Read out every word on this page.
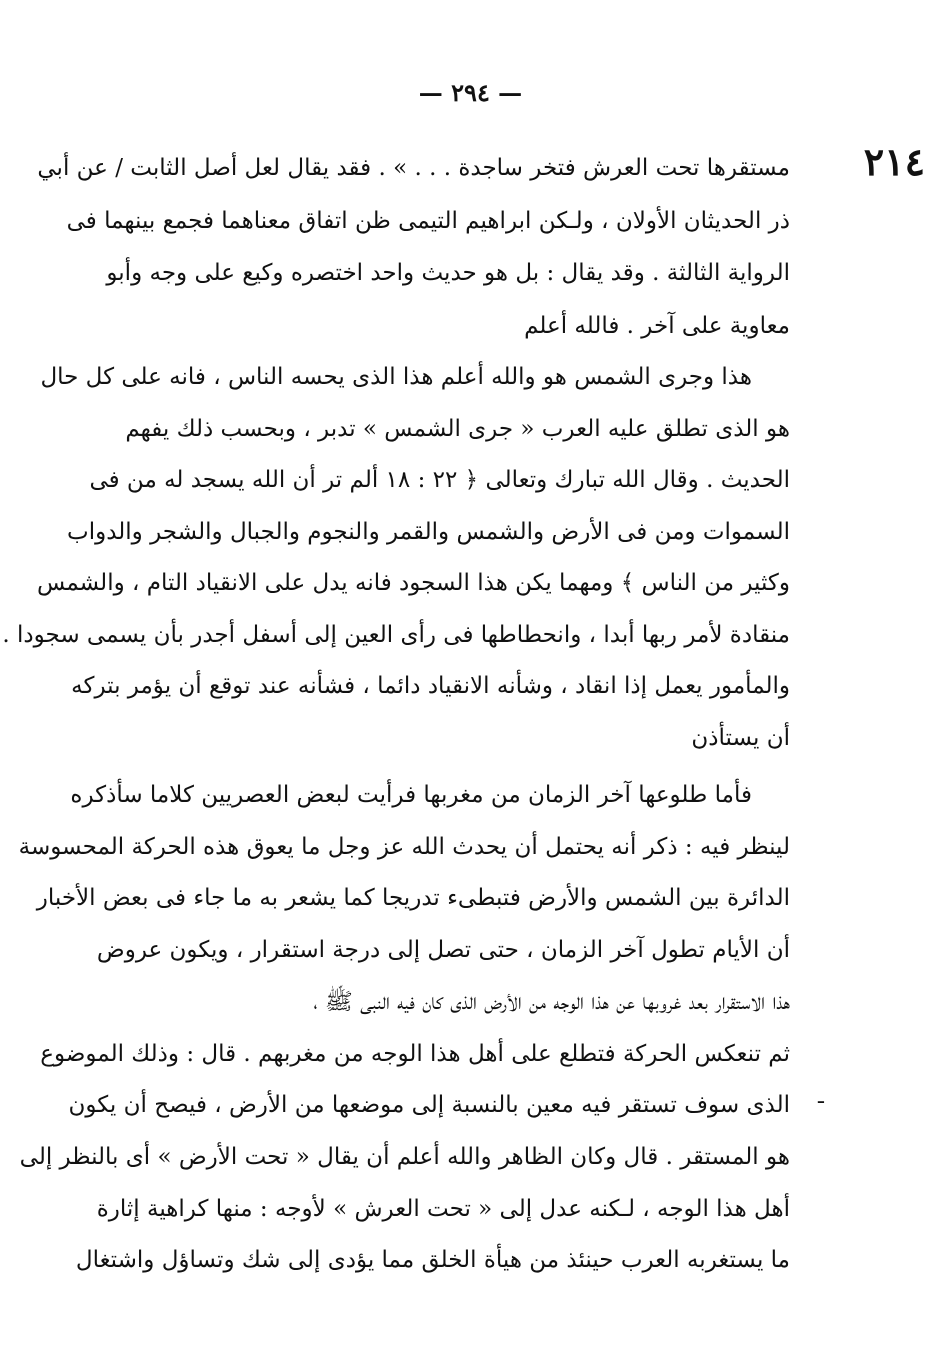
— ٢٩٤ —
٢١٤
ـ
مستقرها تحت العرش فتخر ساجدة . . . » . فقد يقال لعل أصل الثابت / عن أبي
ذر الحديثان الأولان ، ولـكن ابراهيم التيمى ظن اتفاق معناهما فجمع بينهما فى
الرواية الثالثة . وقد يقال : بل هو حديث واحد اختصره وكيع على وجه وأبو
معاوية على آخر . فالله أعلم
هذا وجرى الشمس هو والله أعلم هذا الذى يحسه الناس ، فانه على كل حال
هو الذى تطلق عليه العرب « جرى الشمس » تدبر ، وبحسب ذلك يفهم
الحديث . وقال الله تبارك وتعالى ﴿ ٢٢ : ١٨ ألم تر أن الله يسجد له من فى
السموات ومن فى الأرض والشمس والقمر والنجوم والجبال والشجر والدواب
وكثير من الناس ﴾ ومهما يكن هذا السجود فانه يدل على الانقياد التام ، والشمس
منقادة لأمر ربها أبدا ، وانحطاطها فى رأى العين إلى أسفل أجدر بأن يسمى سجودا .
والمأمور يعمل إذا انقاد ، وشأنه الانقياد دائما ، فشأنه عند توقع أن يؤمر بتركه
أن يستأذن
فأما طلوعها آخر الزمان من مغربها فرأيت لبعض العصريين كلاما سأذكره
لينظر فيه : ذكر أنه يحتمل أن يحدث الله عز وجل ما يعوق هذه الحركة المحسوسة
الدائرة بين الشمس والأرض فتبطىء تدريجا كما يشعر به ما جاء فى بعض الأخبار
أن الأيام تطول آخر الزمان ، حتى تصل إلى درجة استقرار ، ويكون عروض
هذا الاستقرار بعد غروبها عن هذا الوجه من الأرض الذى كان فيه النبى ﷺ ،
ثم تنعكس الحركة فتطلع على أهل هذا الوجه من مغربهم . قال : وذلك الموضوع
الذى سوف تستقر فيه معين بالنسبة إلى موضعها من الأرض ، فيصح أن يكون
هو المستقر . قال وكان الظاهر والله أعلم أن يقال « تحت الأرض » أى بالنظر إلى
أهل هذا الوجه ، لـكنه عدل إلى « تحت العرش » لأوجه : منها كراهية إثارة
ما يستغربه العرب حينئذ من هيأة الخلق مما يؤدى إلى شك وتساؤل واشتغال
